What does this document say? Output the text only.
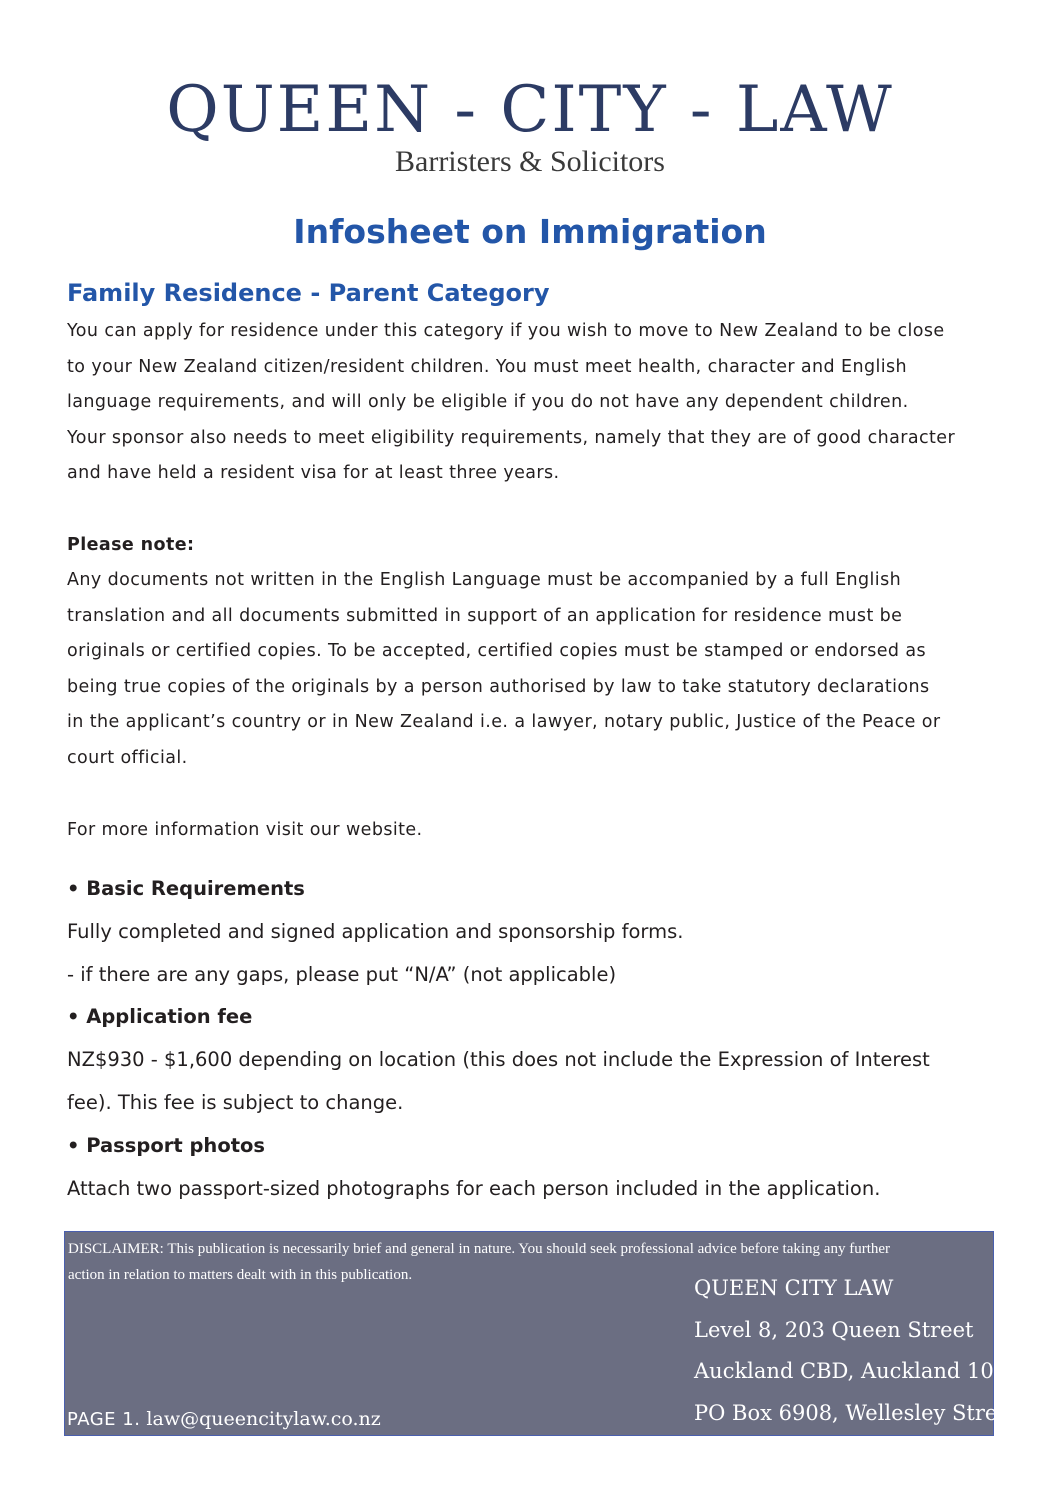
QUEEN - CITY - LAW
Barristers & Solicitors
Infosheet on Immigration
Family Residence - Parent Category

You can apply for residence under this category if you wish to move to New Zealand to be close
to your New Zealand citizen/resident children. You must meet health, character and English
language requirements, and will only be eligible if you do not have any dependent children.
Your sponsor also needs to meet eligibility requirements, namely that they are of good character
and have held a resident visa for at least three years.

Please note:

Any documents not written in the English Language must be accompanied by a full English
translation and all documents submitted in support of an application for residence must be
originals or certified copies. To be accepted, certified copies must be stamped or endorsed as
being true copies of the originals by a person authorised by law to take statutory declarations
in the applicant’s country or in New Zealand i.e. a lawyer, notary public, Justice of the Peace or
court official.

For more information visit our website.
• Basic Requirements
Fully completed and signed application and sponsorship forms.
- if there are any gaps, please put “N/A” (not applicable)
• Application fee
NZ$930 - $1,600 depending on location (this does not include the Expression of Interest
fee). This fee is subject to change.
• Passport photos
Attach two passport-sized photographs for each person included in the application.
DISCLAIMER: This publication is necessarily brief and general in nature. You should seek professional advice before taking any further
action in relation to matters dealt with in this publication.
QUEEN CITY LAW
Level 8, 203 Queen Street
Auckland CBD, Auckland 1010
PO Box 6908, Wellesley Street.
PAGE 1. law@queencitylaw.co.nz
